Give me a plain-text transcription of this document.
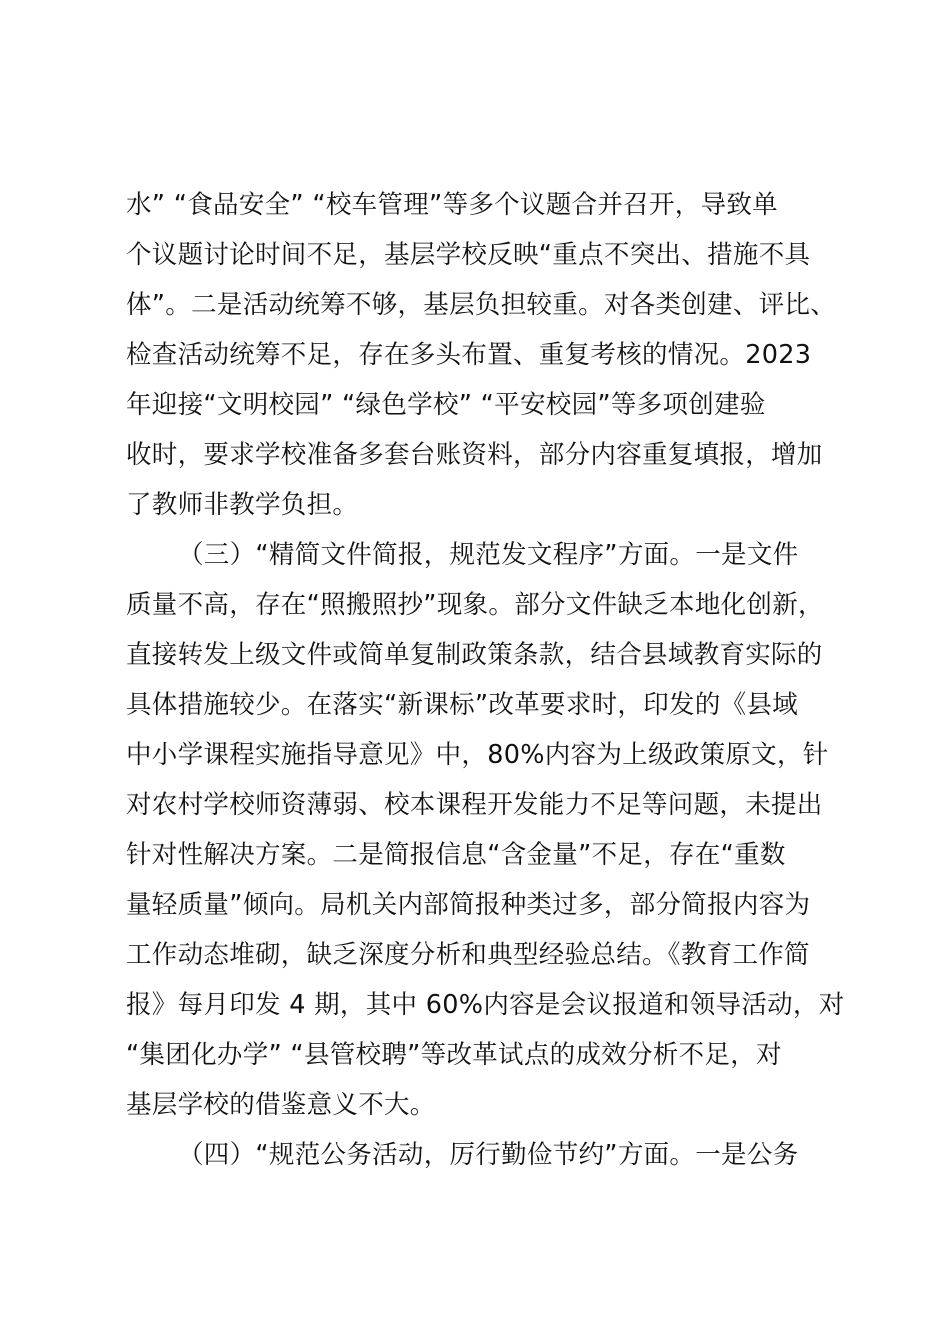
水” “食品安全” “校车管理”等多个议题合并召开，导致单
个议题讨论时间不足，基层学校反映“重点不突出、措施不具
体”。二是活动统筹不够，基层负担较重。对各类创建、评比、
检查活动统筹不足，存在多头布置、重复考核的情况。2023
年迎接“文明校园” “绿色学校” “平安校园”等多项创建验
收时，要求学校准备多套台账资料，部分内容重复填报，增加
了教师非教学负担。
（三）“精简文件简报，规范发文程序”方面。一是文件
质量不高，存在“照搬照抄”现象。部分文件缺乏本地化创新，
直接转发上级文件或简单复制政策条款，结合县域教育实际的
具体措施较少。在落实“新课标”改革要求时，印发的《县域
中小学课程实施指导意见》中，80%内容为上级政策原文，针
对农村学校师资薄弱、校本课程开发能力不足等问题，未提出
针对性解决方案。二是简报信息“含金量”不足，存在“重数
量轻质量”倾向。局机关内部简报种类过多，部分简报内容为
工作动态堆砌，缺乏深度分析和典型经验总结。《教育工作简
报》每月印发 4 期，其中 60%内容是会议报道和领导活动，对
“集团化办学” “县管校聘”等改革试点的成效分析不足，对
基层学校的借鉴意义不大。
（四）“规范公务活动，厉行勤俭节约”方面。一是公务
